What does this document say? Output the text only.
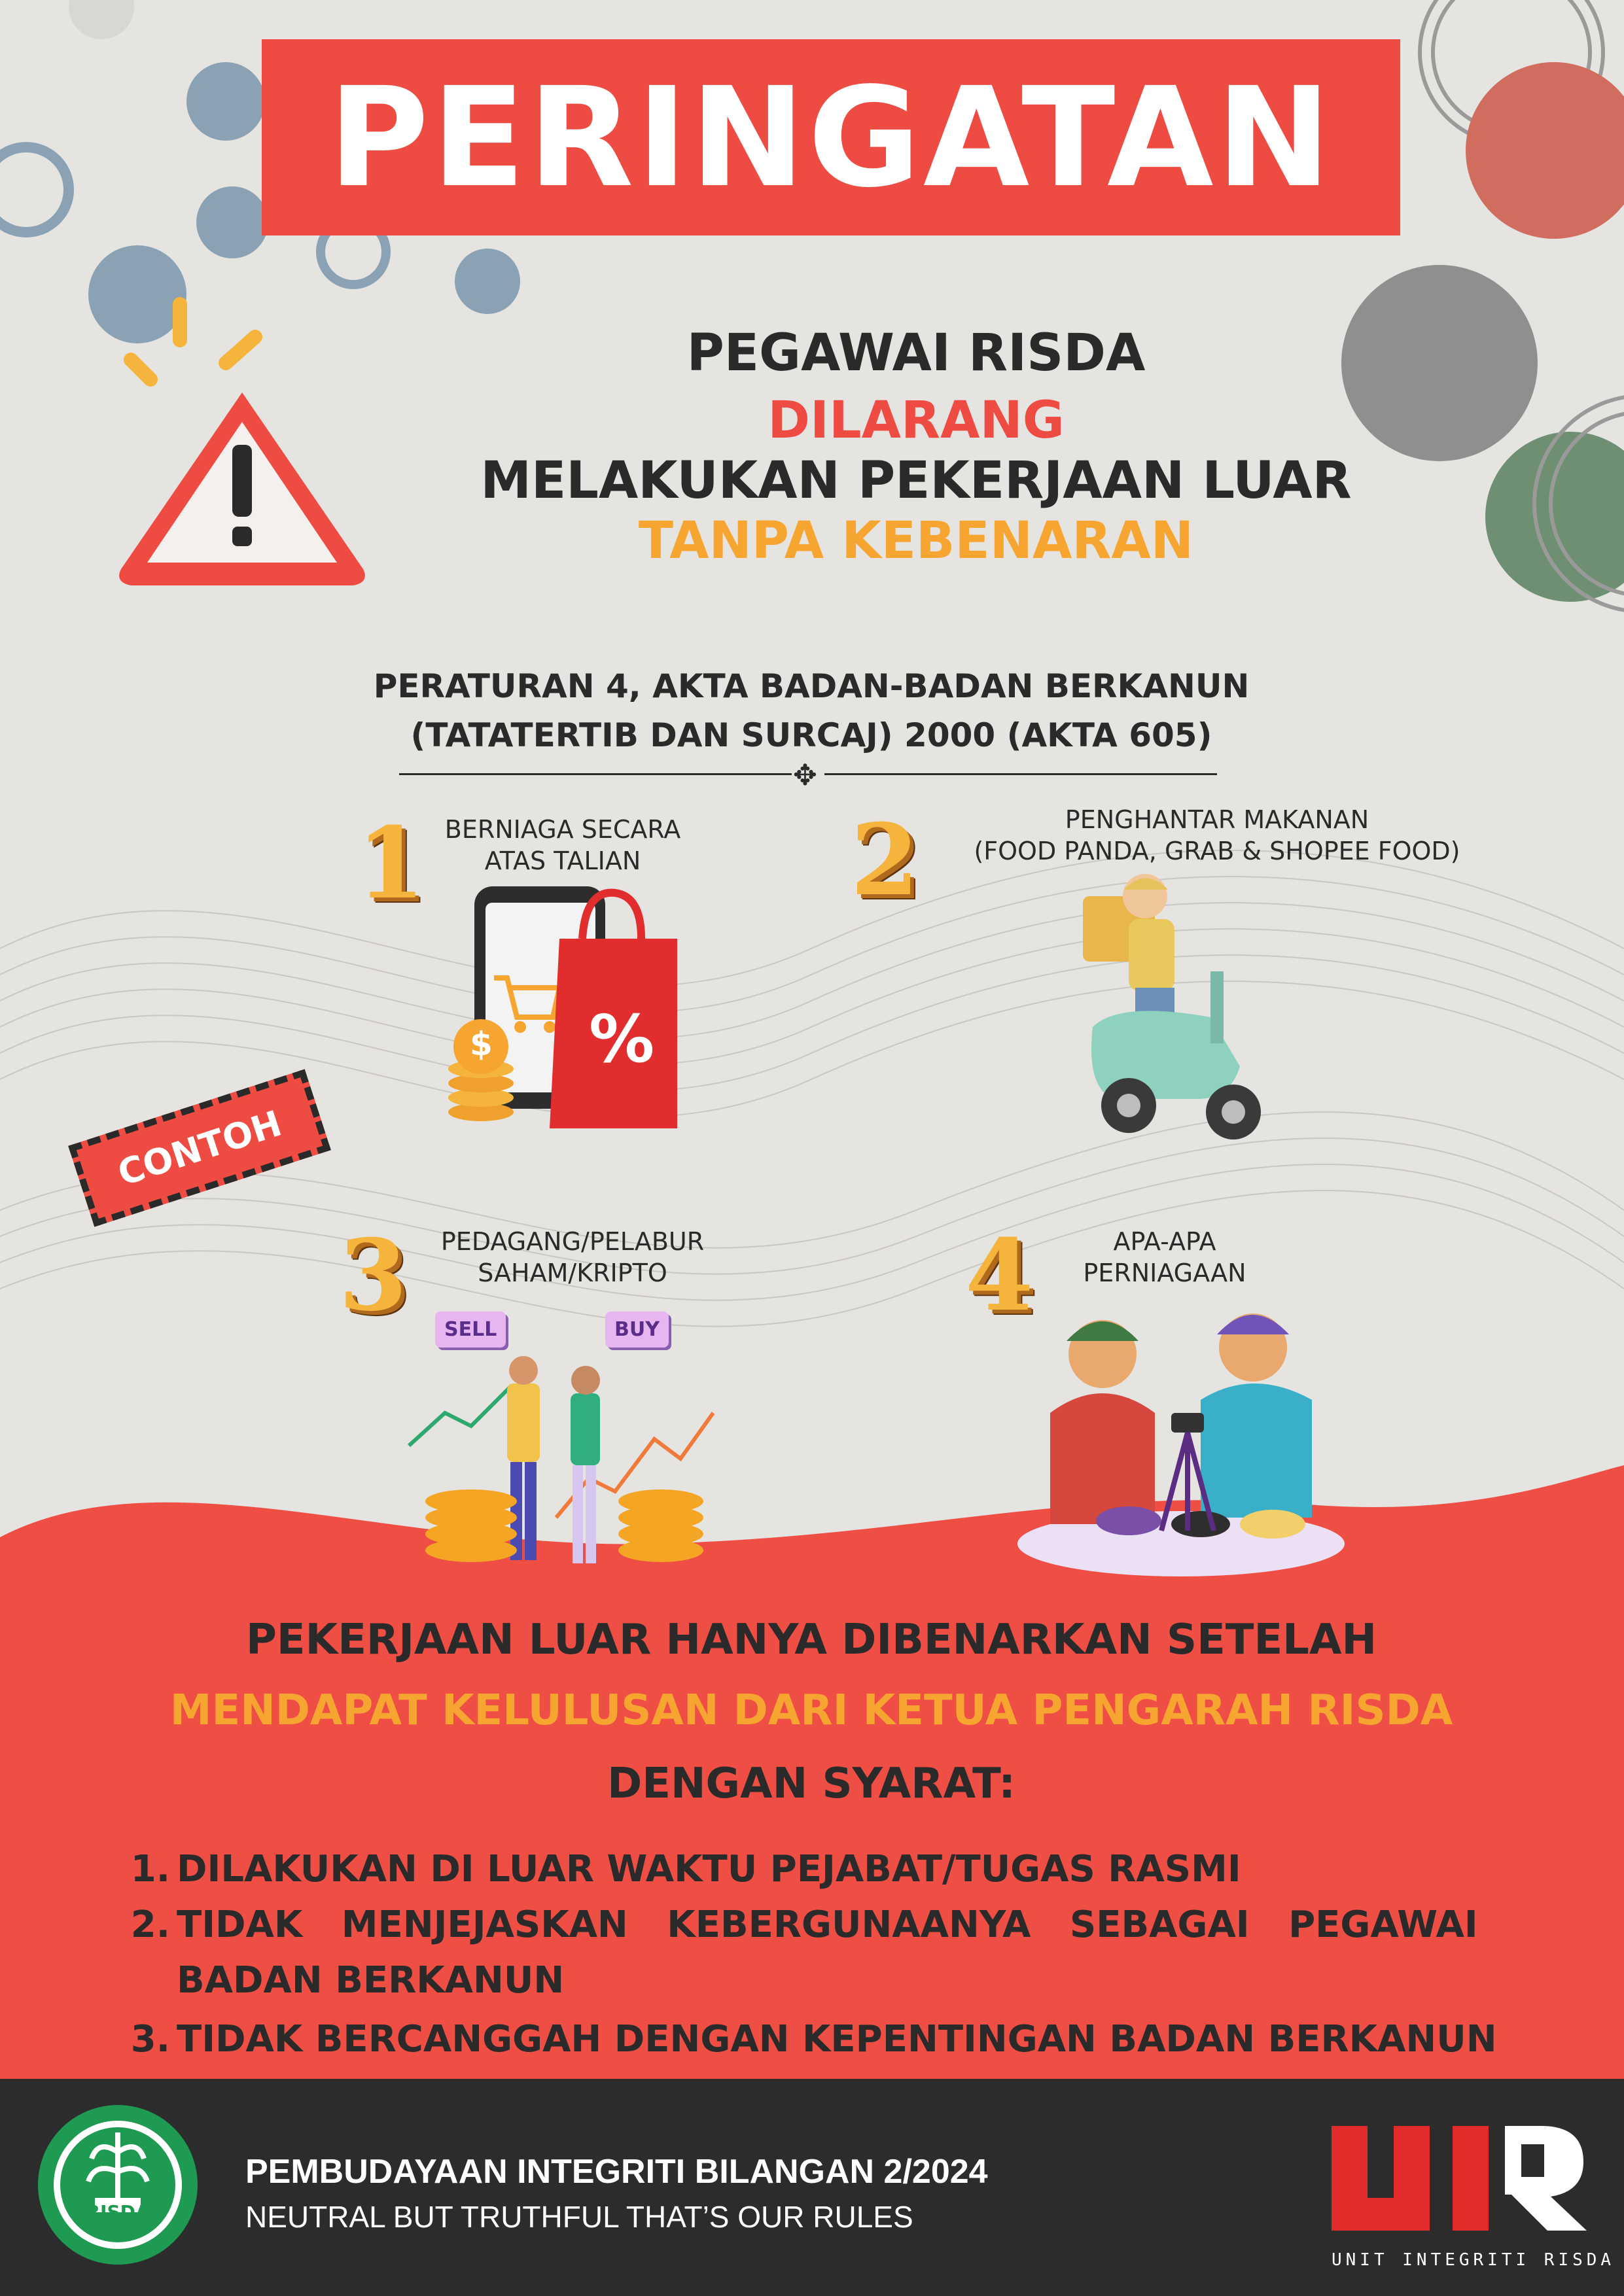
PERINGATAN
PEGAWAI RISDA
DILARANG
MELAKUKAN PEKERJAAN LUAR
TANPA KEBENARAN
PERATURAN 4, AKTA BADAN-BADAN BERKANUN
(TATATERTIB DAN SURCAJ) 2000 (AKTA 605)
✥
1 BERNIAGA SECARA
ATAS TALIAN
%
$
2	PENGHANTAR MAKANAN
(FOOD PANDA, GRAB & SHOPEE FOOD)
CONTOH
3	PEDAGANG/PELABUR
SAHAM/KRIPTO
SELL	BUY	4	APA-APA
PERNIAGAAN
PEKERJAAN LUAR HANYA DIBENARKAN SETELAH
MENDAPAT KELULUSAN DARI KETUA PENGARAH RISDA
DENGAN SYARAT:
1. DILAKUKAN DI LUAR WAKTU PEJABAT/TUGAS RASMI
2. TIDAK MENJEJASKAN KEBERGUNAANYA SEBAGAI PEGAWAI
BADAN BERKANUN
3. TIDAK BERCANGGAH DENGAN KEPENTINGAN BADAN BERKANUN
RISDA
PEMBUDAYAAN INTEGRITI BILANGAN 2/2024
NEUTRAL BUT TRUTHFUL THAT’S OUR RULES
UNIT INTEGRITI RISDA
